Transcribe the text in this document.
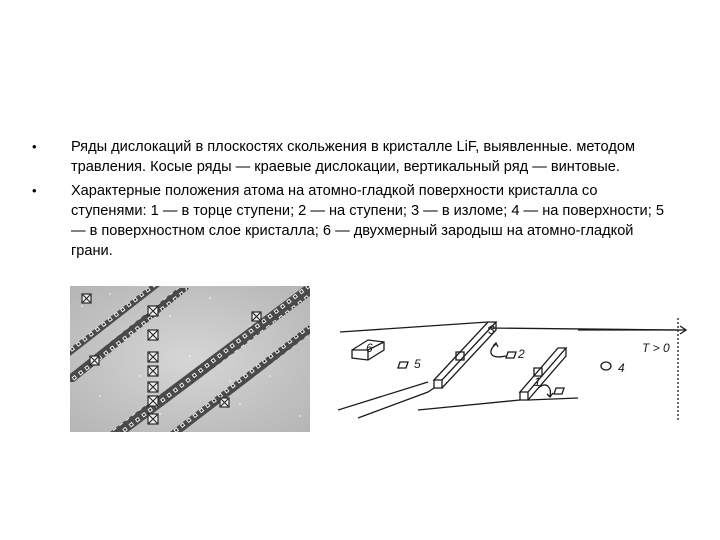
•	Ряды дислокаций в плоскостях скольжения в кристалле LiF, выявленные. методом травления. Косые ряды — краевые дислокации, вертикальный ряд — винтовые.
•	Характерные положения атома на атомно-гладкой поверхности кристалла со ступенями: 1 — в торце ступени; 2 — на ступени; 3 — в изломе; 4 — на поверхности; 5 — в поверхностном слое кристалла; 6 — двухмерный зародыш на атомно-гладкой грани.
3
2
1
4
5
6	T > 0
